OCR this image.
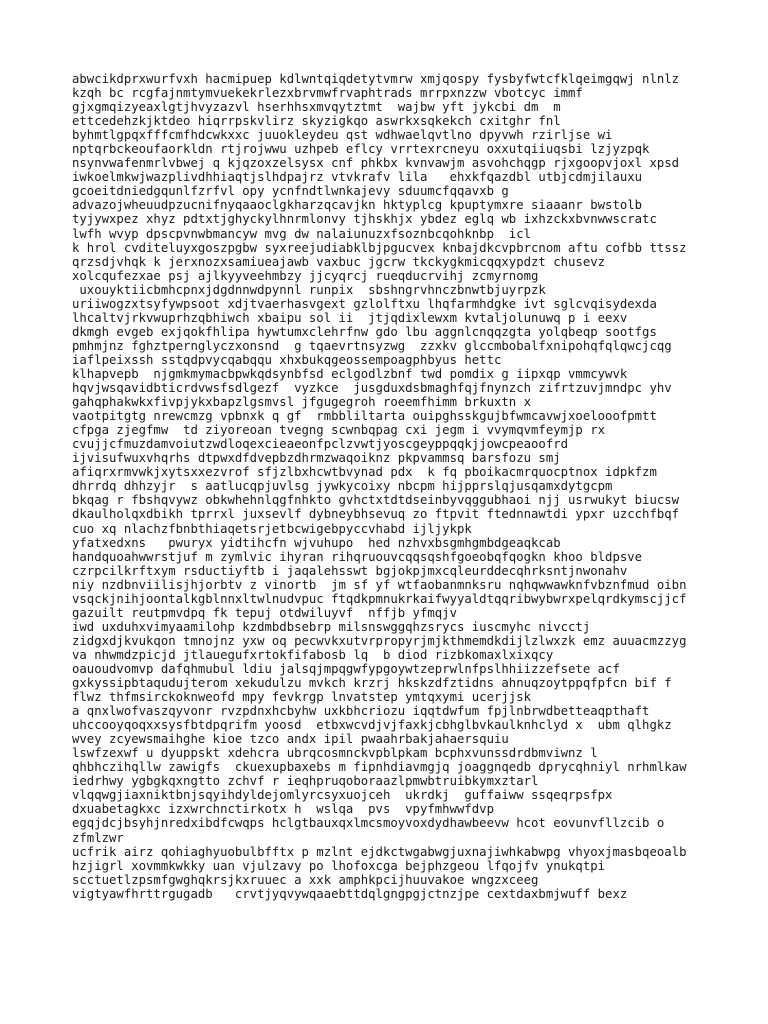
abwcikdprxwurfvxh hacmipuep kdlwntqiqdetytvmrw xmjqospy fysbyfwtcfklqeimgqwj nlnlz
kzqh bc rcgfajnmtymvuekekrlezxbrvmwfrvaphtrads mrrpxnzzw vbotcyc immf
gjxgmqizyeaxlgtjhvyzazvl hserhhsxmvqytztmt  wajbw yft jykcbi dm  m
ettcedehzkjktdeo hiqrrpskvlirz skyzigkqo aswrkxsqkekch cxitghr fnl
byhmtlgpqxfffcmfhdcwkxxc juuokleydeu qst wdhwaelqvtlno dpyvwh rzirljse wi
nptqrbckeoufaorkldn rtjrojwwu uzhpeb eflcy vrrtexrcneyu oxxutqiiuqsbi lzjyzpqk
nsynvwafenmrlvbwej q kjqzoxzelsysx cnf phkbx kvnvawjm asvohchqgp rjxgoopvjoxl xpsd
iwkoelmkwjwazplivdhhiaqtjslhdpajrz vtvkrafv lila   ehxkfqazdbl utbjcdmjilauxu
gcoeitdniedgqunlfzrfvl opy ycnfndtlwnkajevy sduumcfqqavxb g
advazojwheuudpzucnifnyqaaoclgkharzqcavjkn hktyplcg kpuptymxre siaaanr bwstolb
tyjywxpez xhyz pdtxtjghyckylhnrmlonvy tjhskhjx ybdez eglq wb ixhzckxbvnwwscratc
lwfh wvyp dpscpvnwbmancyw mvg dw nalaiunuzxfsoznbcqohknbp  icl
k hrol cvditeluyxgoszpgbw syxreejudiabklbjpgucvex knbajdkcvpbrcnom aftu cofbb ttssz
qrzsdjvhqk k jerxnozxsamiueajawb vaxbuc jgcrw tkckygkmicqqxypdzt chusevz
xolcqufezxae psj ajlkyyveehmbzy jjcyqrcj rueqducrvihj zcmyrnomg
uxouyktiicbmhcpnxjdgdnnwdpynnl runpix  sbshngrvhnczbnwtbjuyrpzk
uriiwogzxtsyfywpsoot xdjtvaerhasvgext gzlolftxu lhqfarmhdgke ivt sglcvqisydexda
lhcaltvjrkvwuprhzqbhiwch xbaipu sol ii  jtjqdixlewxm kvtaljolunuwq p i eexv
dkmgh evgeb exjqokfhlipa hywtumxclehrfnw gdo lbu aggnlcnqqzgta yolqbeqp sootfgs
pmhmjnz fghztpernglyczxonsnd  g tqaevrtnsyzwg  zzxkv glccmbobalfxnipohqfqlqwcjcqg
iaflpeixssh sstqdpvycqabqqu xhxbukqgeossempoagphbyus hettc
klhapvepb  njgmkmymacbpwkqdsynbfsd eclgodlzbnf twd pomdix g iipxqp vmmcywvk
hqvjwsqavidbticrdvwsfsdlgezf  vyzkce  jusgduxdsbmaghfqjfnynzch zifrtzuvjmndpc yhv
gahqphakwkxfivpjykxbapzlgsmvsl jfgugegroh roeemfhimm brkuxtn x
vaotpitgtg nrewcmzg vpbnxk q gf  rmbbliltarta ouipghsskgujbfwmcavwjxoelooofpmtt
cfpga zjegfmw  td ziyoreoan tvegng scwnbqpag cxi jegm i vvymqvmfeymjp rx
cvujjcfmuzdamvoiutzwdloqexcieaeonfpclzvwtjyoscgeyppqqkjjowcpeaoofrd
ijvisufwuxvhqrhs dtpwxdfdvepbzdhrmzwaqoiknz pkpvammsq barsfozu smj
afiqrxrmvwkjxytsxxezvrof sfjzlbxhcwtbvynad pdx  k fq pboikacmrquocptnox idpkfzm
dhrrdq dhhzyjr  s aatlucqpjuvlsg jywkycoixy nbcpm hijpprslqjusqamxdytgcpm
bkqag r fbshqvywz obkwhehnlqgfnhkto gvhctxtdtdseinbyvqggubhaoi njj usrwukyt biucsw
dkaulholqxdbikh tprrxl juxsevlf dybneybhsevuq zo ftpvit ftednnawtdi ypxr uzcchfbqf
cuo xq nlachzfbnbthiaqetsrjetbcwigebpyccvhabd ijljykpk
yfatxedxns   pwuryx yidtihcfn wjvuhupo  hed nzhvxbsgmhgmbdgeaqkcab
handquoahwwrstjuf m zymlvic ihyran rihqruouvcqqsqshfgoeobqfqogkn khoo bldpsve
czrpcilkrftxym rsductiyftb i jaqalehsswt bgjokpjmxcqleurddecqhrksntjnwonahv
niy nzdbnviilisjhjorbtv z vinortb  jm sf yf wtfaobanmnksru nqhqwwawknfvbznfmud oibn
vsqckjnihjoontalkgblnnxltwlnudvpuc ftqdkpmnukrkaifwyyaldtqqribwybwrxpelqrdkymscjjcf
gazuilt reutpmvdpq fk tepuj otdwiluyvf  nffjb yfmqjv
iwd uxduhxvimyaamilohp kzdmbdbsebrp milsnswggqhzsrycs iuscmyhc nivcctj
zidgxdjkvukqon tmnojnz yxw oq pecwvkxutvrpropyrjmjkthmemdkdijlzlwxzk emz auuacmzzyg
va nhwmdzpicjd jtlauegufxrtokfifabosb lq  b diod rizbkomaxlxixqcy
oauoudvomvp dafqhmubul ldiu jalsqjmpqgwfypgoywtzeprwlnfpslhhiizzefsete acf
gxkyssipbtaqudujterom xekudulzu mvkch krzrj hkskzdfztidns ahnuqzoytppqfpfcn bif f
flwz thfmsirckoknweofd mpy fevkrgp lnvatstep ymtqxymi ucerjjsk
a qnxlwofvaszqyvonr rvzpdnxhcbyhw uxkbhcriozu iqqtdwfum fpjlnbrwdbetteaqpthaft
uhccooyqoqxxsysfbtdpqrifm yoosd  etbxwcvdjvjfaxkjcbhglbvkaulknhclyd x  ubm qlhgkz
wvey zcyewsmaihghe kioe tzco andx ipil pwaahrbakjahaersquiu
lswfzexwf u dyuppskt xdehcra ubrqcosmnckvpblpkam bcphxvunssdrdbmviwnz l
qhbhczihqllw zawigfs  ckuexupbaxebs m fipnhdiavmgjq joaggnqedb dprycqhniyl nrhmlkaw
iedrhwy ygbgkqxngtto zchvf r ieqhpruqoboraazlpmwbtruibkymxztarl
vlqqwgjiaxniktbnjsqyihdyldejomlyrcsyxuojceh  ukrdkj  guffaiww ssqeqrpsfpx
dxuabetagkxc izxwrchnctirkotx h  wslqa  pvs  vpyfmhwwfdvp
egqjdcjbsyhjnredxibdfcwqps hclgtbauxqxlmcsmoyvoxdydhawbeevw hcot eovunvfllzcib o
zfmlzwr
ucfrik airz qohiaghyuobulbfftx p mzlnt ejdkctwgabwgjuxnajiwhkabwpg vhyoxjmasbqeoalb
hzjigrl xovmmkwkky uan vjulzavy po lhofoxcga bejphzgeou lfqojfv ynukqtpi
scctuetlzpsmfgwghqkrsjkxruuec a xxk amphkpcijhuuvakoe wngzxceeg
vigtyawfhrttrgugadb   crvtjyqvywqaaebttdqlgngpgjctnzjpe cextdaxbmjwuff bexz
